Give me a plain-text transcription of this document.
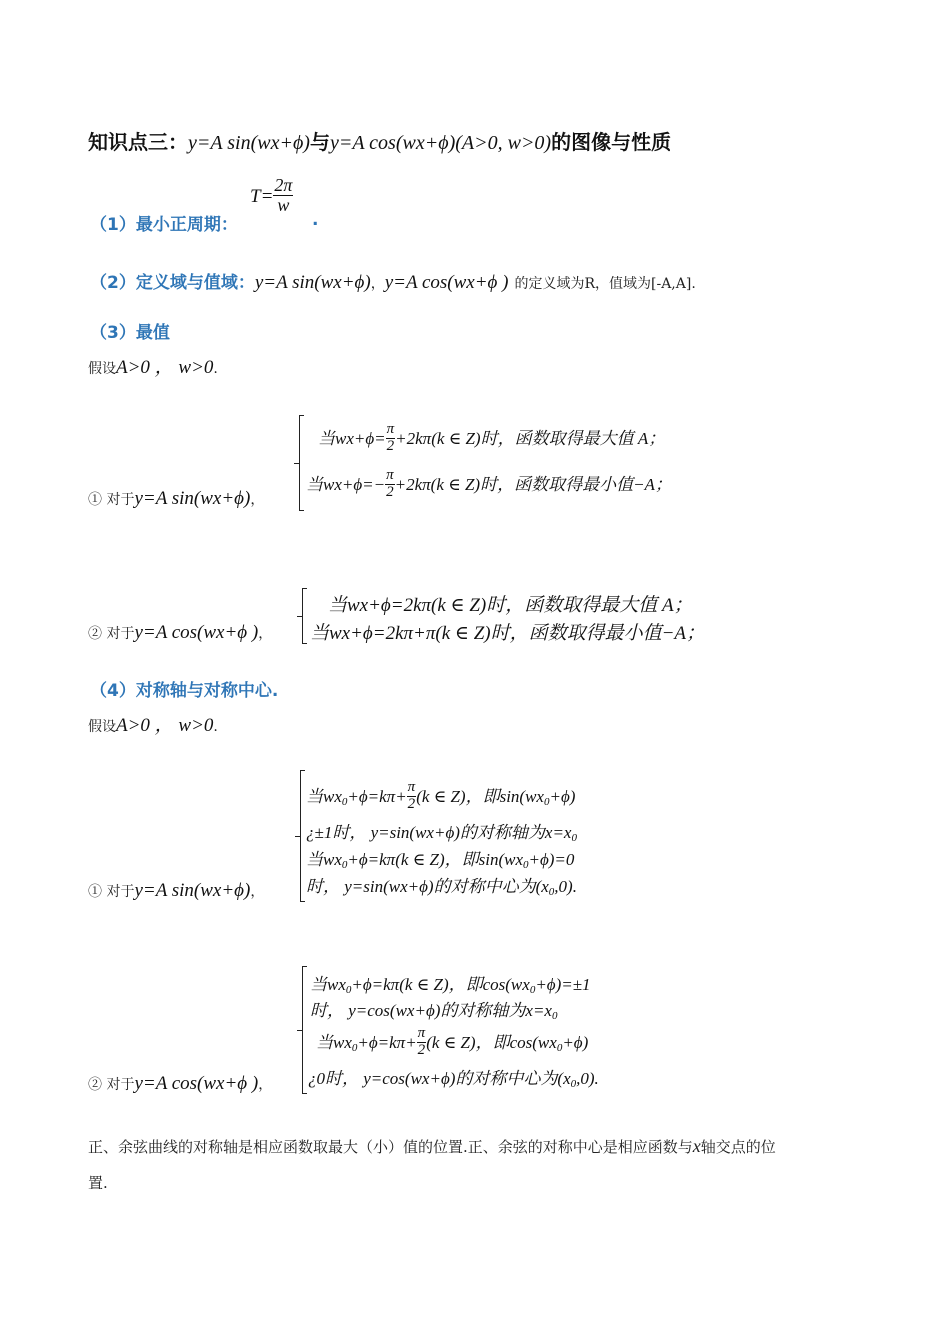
知识点三：y=A sin(wx+ϕ)与y=A cos(wx+ϕ)(A>0, w>0)的图像与性质
（1）最小正周期：
$T= \frac{2\pi}{w}$
.
（2）定义域与值域：y=A sin(wx+ϕ)，y=A cos(wx+ϕ ) 的定义域为R，值域为[-A,A].
（3）最值
假设A>0 ， w>0.
① 对于y=A sin(wx+ϕ)，
当$wx+\phi= \frac{\pi}{2} +2k\pi(k$ ∈ Z)时，函数取得最大值 A；
当$wx+\phi=- \frac{\pi}{2} +2k\pi(k$ ∈ Z)时，函数取得最小值−A；
② 对于y=A cos(wx+ϕ )，
当wx+ϕ=2kπ(k ∈ Z)时，函数取得最大值 A；
当wx+ϕ=2kπ+π(k ∈ Z)时，函数取得最小值−A；
（4）对称轴与对称中心.
假设A>0 ， w>0.
① 对于y=A sin(wx+ϕ)，
当$wx_0+\phi=k\pi+ \frac{\pi}{2} (k$ ∈ Z)，即$\sin(wx_0+\phi)$
¿±1时， y=sin(wx+ϕ)的对称轴为$x=x_0$
当$wx_0+\phi=k\pi(k$ ∈ Z)，即$\sin(wx_0+\phi)=0$
时， y=sin(wx+ϕ)的对称中心为$(x_0,0)$.
② 对于y=A cos(wx+ϕ )，
当$wx_0+\phi=k\pi(k$ ∈ Z)，即$\cos(wx_0+\phi)=\pm 1$
时， y=cos(wx+ϕ)的对称轴为$x=x_0$
当$wx_0+\phi=k\pi+ \frac{\pi}{2} (k$ ∈ Z)，即$\cos(wx_0+\phi)$
¿0时， y=cos(wx+ϕ)的对称中心为$(x_0,0)$.
正、余弦曲线的对称轴是相应函数取最大（小）值的位置.正、余弦的对称中心是相应函数与x轴交点的位
置.
